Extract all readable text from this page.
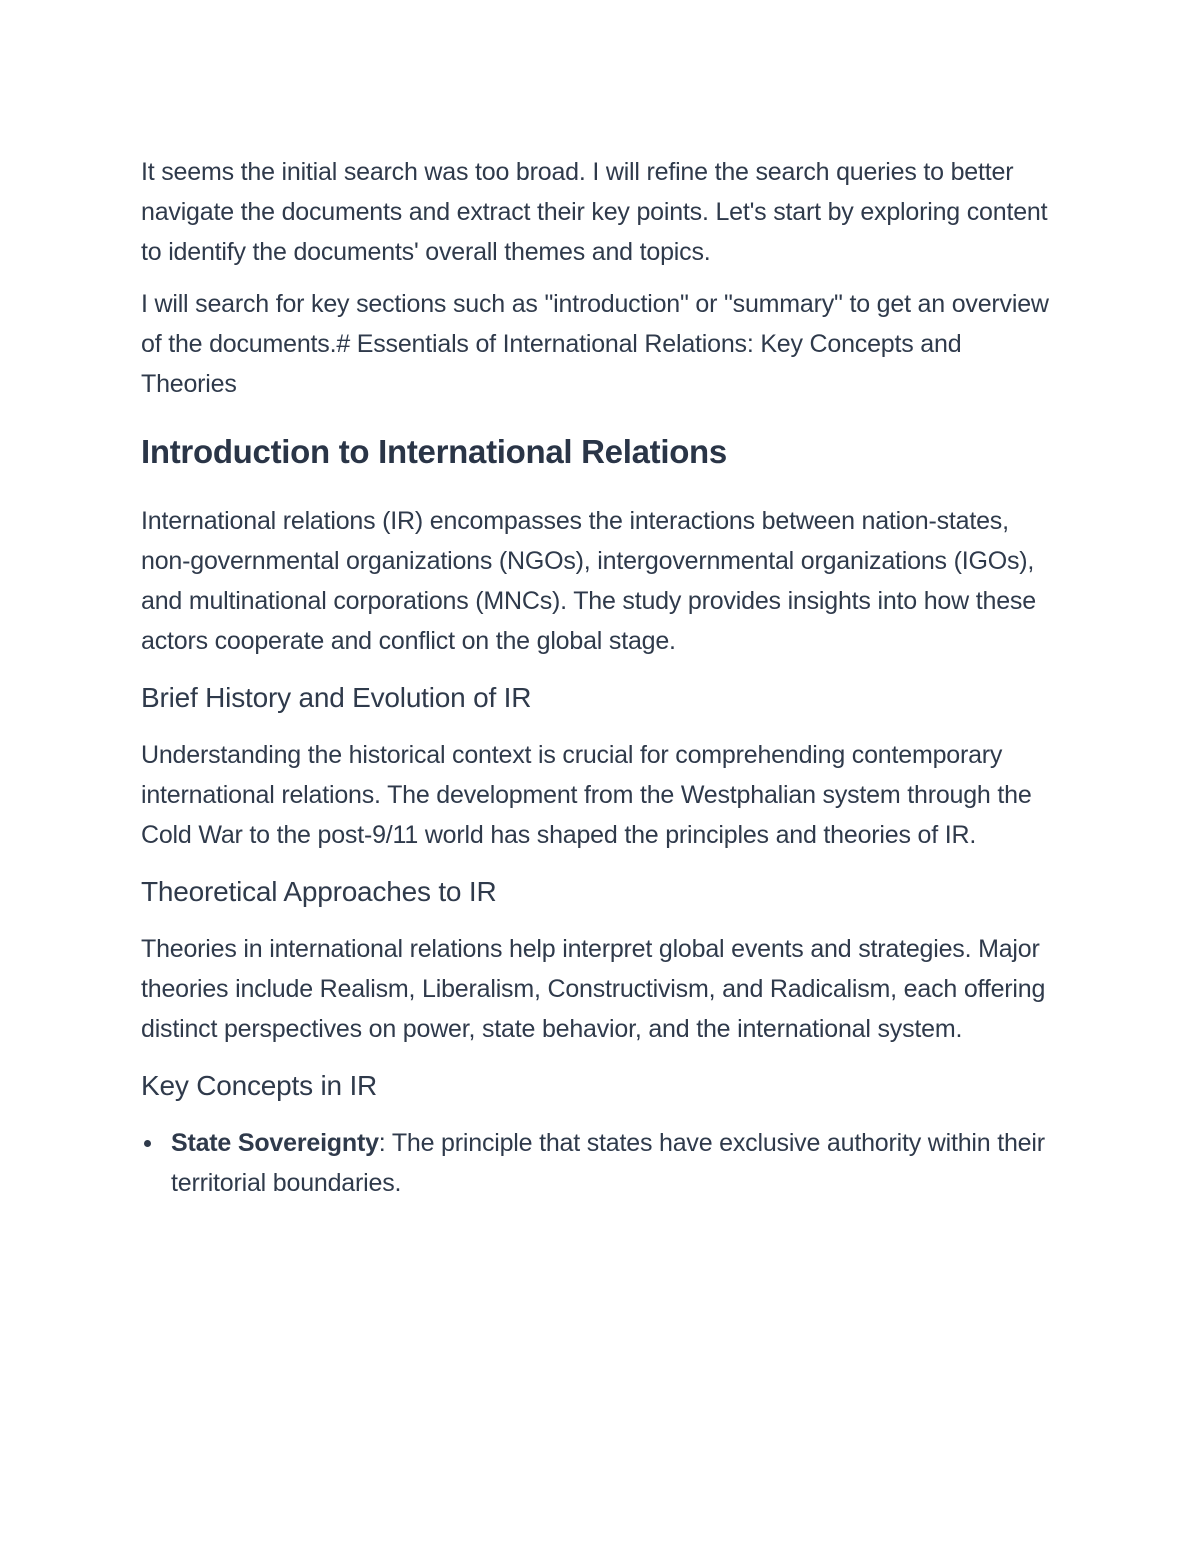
It seems the initial search was too broad. I will refine the search queries to better navigate the documents and extract their key points. Let's start by exploring content to identify the documents' overall themes and topics.

I will search for key sections such as "introduction" or "summary" to get an overview of the documents.# Essentials of International Relations: Key Concepts and Theories

Introduction to International Relations

International relations (IR) encompasses the interactions between nation-states, non-governmental organizations (NGOs), intergovernmental organizations (IGOs), and multinational corporations (MNCs). The study provides insights into how these actors cooperate and conflict on the global stage.

Brief History and Evolution of IR

Understanding the historical context is crucial for comprehending contemporary international relations. The development from the Westphalian system through the Cold War to the post-9/11 world has shaped the principles and theories of IR.

Theoretical Approaches to IR

Theories in international relations help interpret global events and strategies. Major theories include Realism, Liberalism, Constructivism, and Radicalism, each offering distinct perspectives on power, state behavior, and the international system.

Key Concepts in IR
State Sovereignty: The principle that states have exclusive authority within their territorial boundaries.
